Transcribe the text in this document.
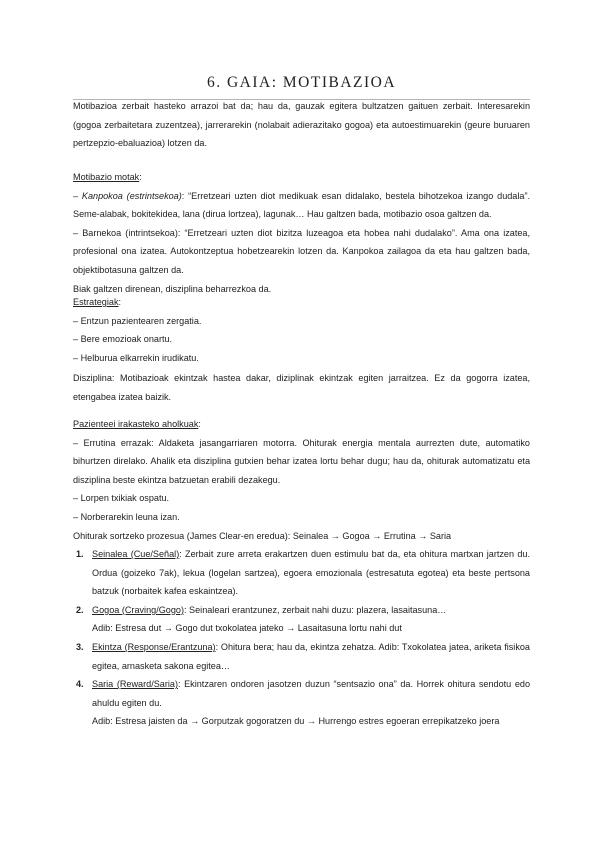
6. GAIA: MOTIBAZIOA

Motibazioa zerbait hasteko arrazoi bat da; hau da, gauzak egitera bultzatzen gaituen zerbait. Interesarekin (gogoa zerbaitetara zuzentzea), jarrerarekin (nolabait adierazitako gogoa) eta autoestimuarekin (geure buruaren pertzepzio-ebaluazioa) lotzen da.

Motibazio motak:

– Kanpokoa (estrintsekoa): “Erretzeari uzten diot medikuak esan didalako, bestela bihotzekoa izango dudala”. Seme-alabak, bokitekidea, lana (dirua lortzea), lagunak… Hau galtzen bada, motibazio osoa galtzen da.

– Barnekoa (intrintsekoa): “Erretzeari uzten diot bizitza luzeagoa eta hobea nahi dudalako”. Ama ona izatea, profesional ona izatea. Autokontzeptua hobetzearekin lotzen da. Kanpokoa zailagoa da eta hau galtzen bada, objektibotasuna galtzen da.

Biak galtzen direnean, disziplina beharrezkoa da.

Estrategiak:

– Entzun pazientearen zergatia.

– Bere emozioak onartu.

– Helburua elkarrekin irudikatu.

Disziplina: Motibazioak ekintzak hastea dakar, diziplinak ekintzak egiten jarraitzea. Ez da gogorra izatea, etengabea izatea baizik.

Pazienteei irakasteko aholkuak:

– Errutina errazak: Aldaketa jasangarriaren motorra. Ohiturak energia mentala aurrezten dute, automatiko bihurtzen direlako. Ahalik eta disziplina gutxien behar izatea lortu behar dugu; hau da, ohiturak automatizatu eta disziplina beste ekintza batzuetan erabili dezakegu.

– Lorpen txikiak ospatu.

– Norberarekin leuna izan.

Ohiturak sortzeko prozesua (James Clear-en eredua): Seinalea → Gogoa → Errutina → Saria

1. Seinalea (Cue/Señal): Zerbait zure arreta erakartzen duen estimulu bat da, eta ohitura martxan jartzen du. Ordua (goizeko 7ak), lekua (logelan sartzea), egoera emozionala (estresatuta egotea) eta beste pertsona batzuk (norbaitek kafea eskaintzea).
2. Gogoa (Craving/Gogo): Seinaleari erantzunez, zerbait nahi duzu: plazera, lasaitasuna…
Adib: Estresa dut → Gogo dut txokolatea jateko → Lasaitasuna lortu nahi dut
3. Ekintza (Response/Erantzuna): Ohitura bera; hau da, ekintza zehatza. Adib: Txokolatea jatea, ariketa fisikoa egitea, arnasketa sakona egitea…
4. Saria (Reward/Saria): Ekintzaren ondoren jasotzen duzun “sentsazio ona” da. Horrek ohitura sendotu edo ahuldu egiten du.
Adib: Estresa jaisten da → Gorputzak gogoratzen du → Hurrengo estres egoeran errepikatzeko joera
